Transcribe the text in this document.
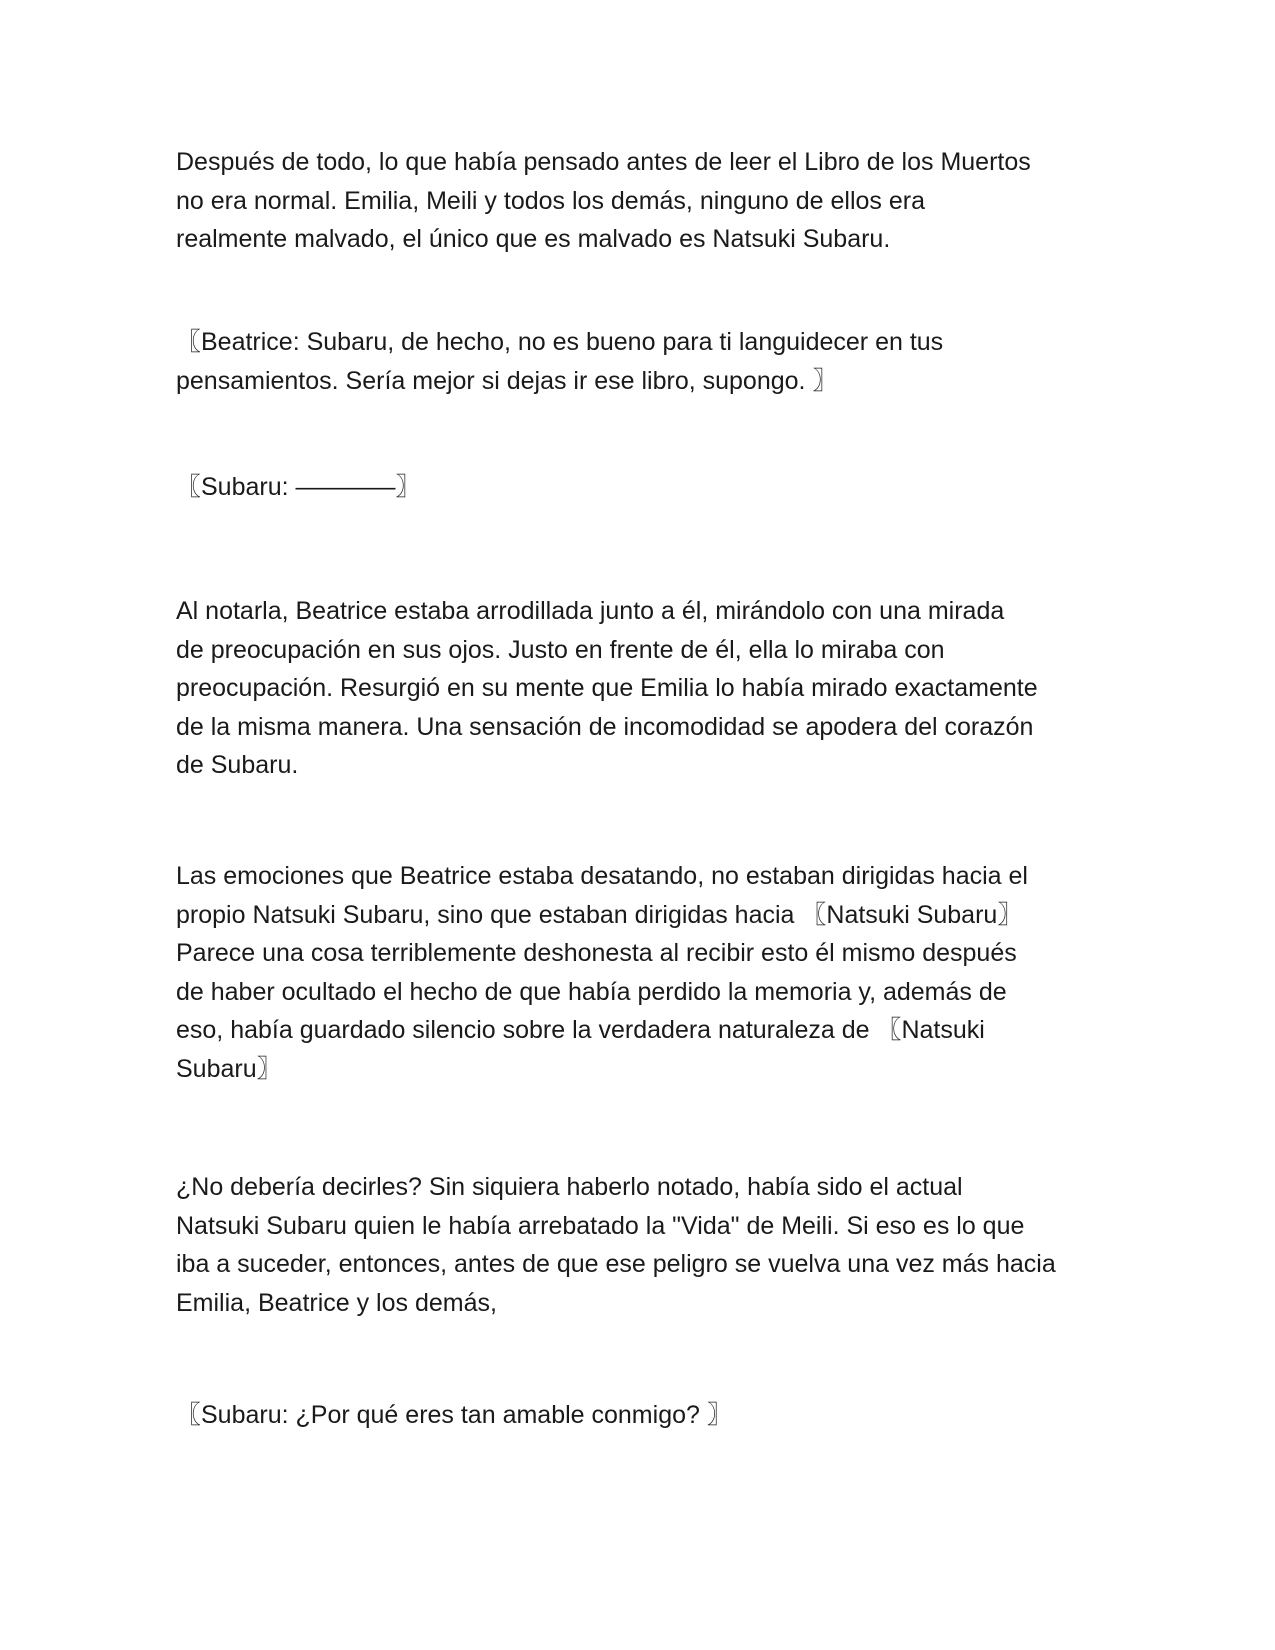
Después de todo, lo que había pensado antes de leer el Libro de los Muertos
no era normal. Emilia, Meili y todos los demás, ninguno de ellos era
realmente malvado, el único que es malvado es Natsuki Subaru.

〖Beatrice: Subaru, de hecho, no es bueno para ti languidecer en tus
pensamientos. Sería mejor si dejas ir ese libro, supongo. 〗

〖Subaru: ————〗

Al notarla, Beatrice estaba arrodillada junto a él, mirándolo con una mirada
de preocupación en sus ojos. Justo en frente de él, ella lo miraba con
preocupación. Resurgió en su mente que Emilia lo había mirado exactamente
de la misma manera. Una sensación de incomodidad se apodera del corazón
de Subaru.

Las emociones que Beatrice estaba desatando, no estaban dirigidas hacia el
propio Natsuki Subaru, sino que estaban dirigidas hacia 〖Natsuki Subaru〗
Parece una cosa terriblemente deshonesta al recibir esto él mismo después
de haber ocultado el hecho de que había perdido la memoria y, además de
eso, había guardado silencio sobre la verdadera naturaleza de 〖Natsuki
Subaru〗

¿No debería decirles? Sin siquiera haberlo notado, había sido el actual
Natsuki Subaru quien le había arrebatado la "Vida" de Meili. Si eso es lo que
iba a suceder, entonces, antes de que ese peligro se vuelva una vez más hacia
Emilia, Beatrice y los demás,

〖Subaru: ¿Por qué eres tan amable conmigo? 〗
